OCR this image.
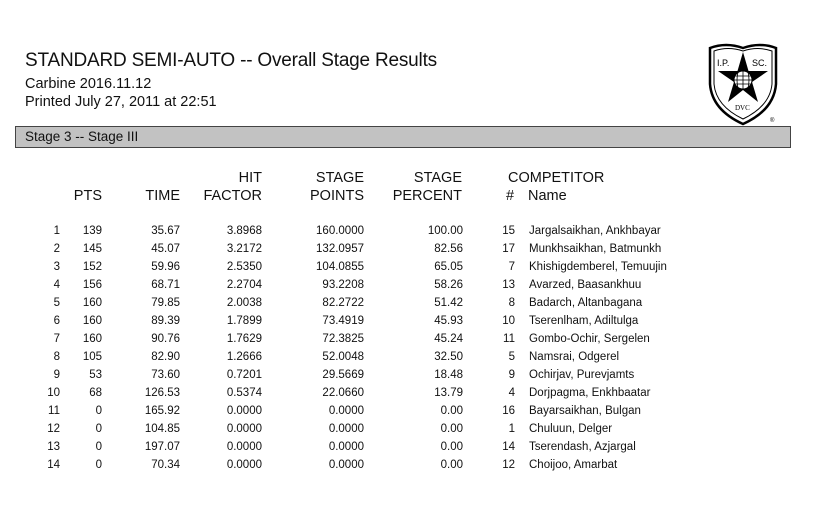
STANDARD SEMI-AUTO -- Overall Stage Results
Carbine 2016.11.12
Printed July 27, 2011 at 22:51
I.P.	SC.
DVC
®
Stage 3 -- Stage III
PTS	TIME
HIT
FACTOR
STAGE
POINTS
STAGE
PERCENT
COMPETITOR
# Name
1	139	35.67	3.8968	160.0000	100.00	15 Jargalsaikhan, Ankhbayar
2	145	45.07	3.2172	132.0957	82.56	17 Munkhsaikhan, Batmunkh
3	152	59.96	2.5350	104.0855	65.05	7 Khishigdemberel, Temuujin
4	156	68.71	2.2704	93.2208	58.26	13 Avarzed, Baasankhuu
5	160	79.85	2.0038	82.2722	51.42	8 Badarch, Altanbagana
6	160	89.39	1.7899	73.4919	45.93	10 Tserenlham, Adiltulga
7	160	90.76	1.7629	72.3825	45.24	11 Gombo-Ochir, Sergelen
8	105	82.90	1.2666	52.0048	32.50	5 Namsrai, Odgerel
9	53	73.60	0.7201	29.5669	18.48	9 Ochirjav, Purevjamts
10	68	126.53	0.5374	22.0660	13.79	4 Dorjpagma, Enkhbaatar
11	0	165.92	0.0000	0.0000	0.00	16 Bayarsaikhan, Bulgan
12	0	104.85	0.0000	0.0000	0.00	1 Chuluun, Delger
13	0	197.07	0.0000	0.0000	0.00	14 Tserendash, Azjargal
14	0	70.34	0.0000	0.0000	0.00	12 Choijoo, Amarbat
